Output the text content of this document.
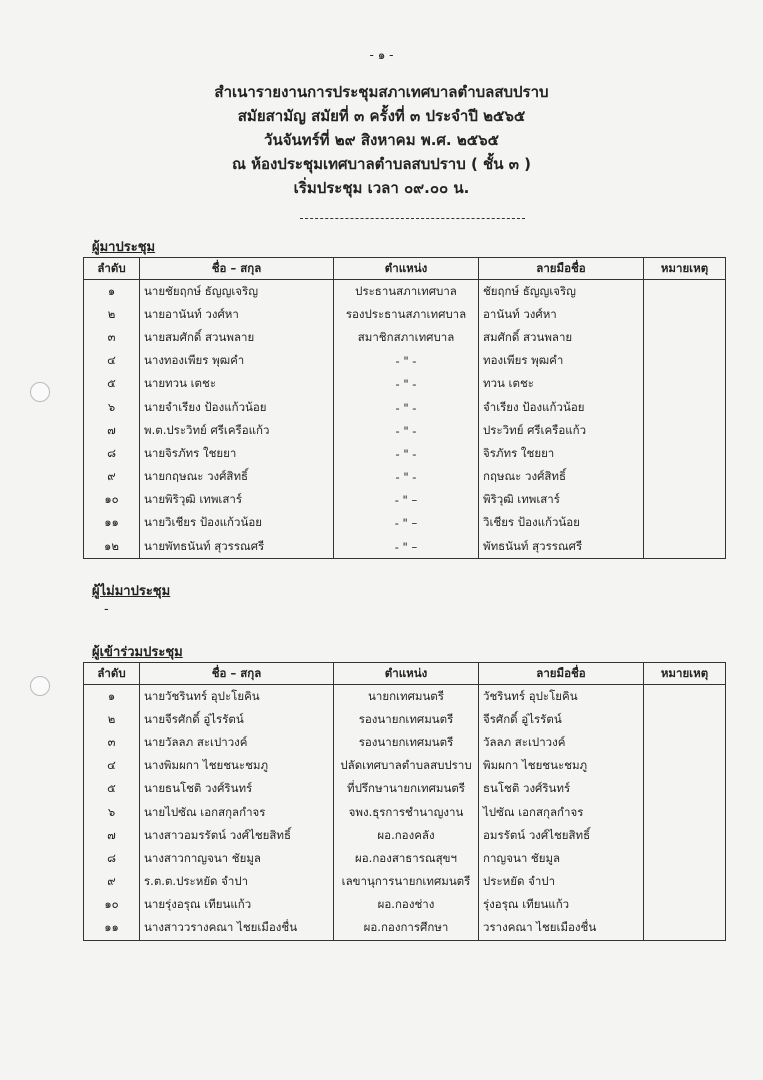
- ๑ -
สำเนารายงานการประชุมสภาเทศบาลตำบลสบปราบ
สมัยสามัญ สมัยที่ ๓ ครั้งที่ ๓ ประจำปี ๒๕๖๕
วันจันทร์ที่ ๒๙ สิงหาคม พ.ศ. ๒๕๖๕
ณ ห้องประชุมเทศบาลตำบลสบปราบ ( ชั้น ๓ )
เริ่มประชุม เวลา ๐๙.๐๐ น.
ผู้มาประชุม
ลำดับ	ชื่อ – สกุล	ตำแหน่ง	ลายมือชื่อ	หมายเหตุ
๑	นายชัยฤกษ์ ธัญญเจริญ	ประธานสภาเทศบาล	ชัยฤกษ์ ธัญญเจริญ	
๒	นายอานันท์ วงศ์หา	รองประธานสภาเทศบาล	อานันท์ วงศ์หา	
๓	นายสมศักดิ์ สวนพลาย	สมาชิกสภาเทศบาล	สมศักดิ์ สวนพลาย	
๔	นางทองเพียร พุฒคำ	- " -	ทองเพียร พุฒคำ	
๕	นายทวน เตชะ	- " -	ทวน เตชะ	
๖	นายจำเรียง ป้องแก้วน้อย	- " -	จำเรียง ป้องแก้วน้อย	
๗	พ.ต.ประวิทย์ ศรีเครือแก้ว	- " -	ประวิทย์ ศรีเครือแก้ว	
๘	นายจิรภัทร ใชยยา	- " -	จิรภัทร ใชยยา	
๙	นายกฤษณะ วงศ์สิทธิ์	- " -	กฤษณะ วงศ์สิทธิ์	
๑๐	นายพิริวุฒิ เทพเสาร์	- " –	พิริวุฒิ เทพเสาร์	
๑๑	นายวิเชียร ป้องแก้วน้อย	- " –	วิเชียร ป้องแก้วน้อย	
๑๒	นายพัทธนันท์ สุวรรณศรี	- " –	พัทธนันท์ สุวรรณศรี	
ผู้ไม่มาประชุม
-
ผู้เข้าร่วมประชุม
ลำดับ	ชื่อ – สกุล	ตำแหน่ง	ลายมือชื่อ	หมายเหตุ
๑	นายวัชรินทร์ อุปะโยคิน	นายกเทศมนตรี	วัชรินทร์ อุปะโยคิน	
๒	นายจีรศักดิ์ อู่ไรรัตน์	รองนายกเทศมนตรี	จีรศักดิ์ อู่ไรรัตน์	
๓	นายวัลลภ สะเปาวงค์	รองนายกเทศมนตรี	วัลลภ สะเปาวงค์	
๔	นางพิมผกา ไชยชนะชมภู	ปลัดเทศบาลตำบลสบปราบ	พิมผกา ไชยชนะชมภู	
๕	นายธนโชติ วงศ์รินทร์	ที่ปรึกษานายกเทศมนตรี	ธนโชติ วงศ์รินทร์	
๖	นายไปซัณ เอกสกุลกำจร	จพง.ธุรการชำนาญงาน	ไปซัณ เอกสกุลกำจร	
๗	นางสาวอมรรัตน์ วงศ์ไชยสิทธิ์	ผอ.กองคลัง	อมรรัตน์ วงศ์ไชยสิทธิ์	
๘	นางสาวกาญจนา ชัยมูล	ผอ.กองสาธารณสุขฯ	กาญจนา ชัยมูล	
๙	ร.ต.ต.ประหยัด จำปา	เลขานุการนายกเทศมนตรี	ประหยัด จำปา	
๑๐	นายรุ่งอรุณ เทียนแก้ว	ผอ.กองช่าง	รุ่งอรุณ เทียนแก้ว	
๑๑	นางสาววรางคณา ไชยเมืองชื่น	ผอ.กองการศึกษา	วรางคณา ไชยเมืองชื่น	
